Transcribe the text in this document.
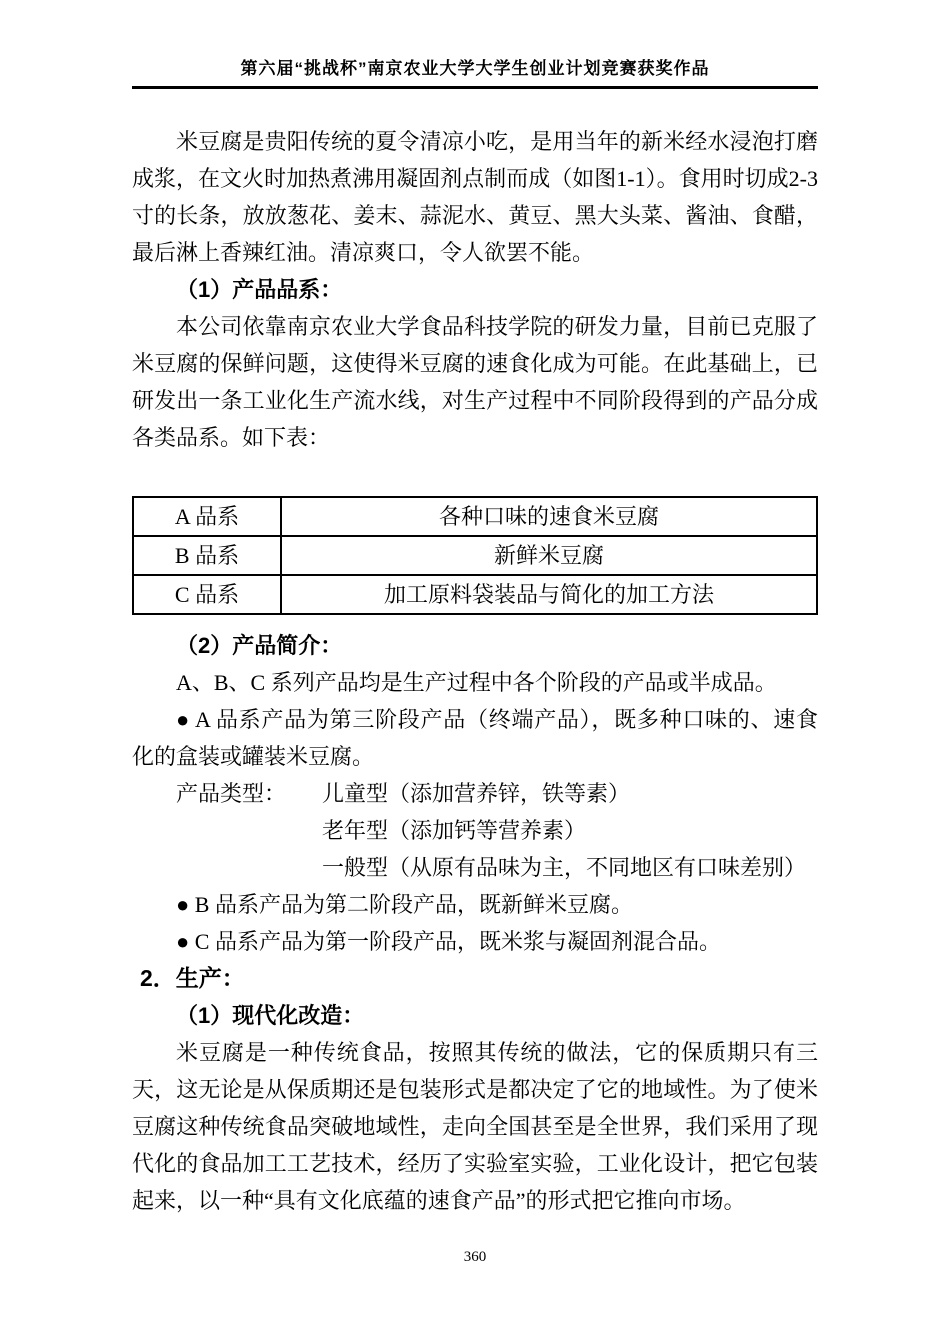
第六届“挑战杯”南京农业大学大学生创业计划竞赛获奖作品

米豆腐是贵阳传统的夏令清凉小吃，是用当年的新米经水浸泡打磨成浆，在文火时加热煮沸用凝固剂点制而成（如图1-1）。食用时切成2-3寸的长条，放放葱花、姜末、蒜泥水、黄豆、黑大头菜、酱油、食醋，最后淋上香辣红油。清凉爽口，令人欲罢不能。

（1）产品品系：

本公司依靠南京农业大学食品科技学院的研发力量，目前已克服了米豆腐的保鲜问题，这使得米豆腐的速食化成为可能。在此基础上，已研发出一条工业化生产流水线，对生产过程中不同阶段得到的产品分成各类品系。如下表：

A 品系	各种口味的速食米豆腐
B 品系	新鲜米豆腐
C 品系	加工原料袋装品与简化的加工方法

（2）产品简介：

A、B、C 系列产品均是生产过程中各个阶段的产品或半成品。

● A 品系产品为第三阶段产品（终端产品），既多种口味的、速食化的盒装或罐装米豆腐。

产品类型： 儿童型（添加营养锌，铁等素）

老年型（添加钙等营养素）

一般型（从原有品味为主，不同地区有口味差别）

● B 品系产品为第二阶段产品，既新鲜米豆腐。

● C 品系产品为第一阶段产品，既米浆与凝固剂混合品。

2．生产：

（1）现代化改造：

米豆腐是一种传统食品，按照其传统的做法，它的保质期只有三天，这无论是从保质期还是包装形式是都决定了它的地域性。为了使米豆腐这种传统食品突破地域性，走向全国甚至是全世界，我们采用了现代化的食品加工工艺技术，经历了实验室实验，工业化设计，把它包装起来，以一种“具有文化底蕴的速食产品”的形式把它推向市场。

360
